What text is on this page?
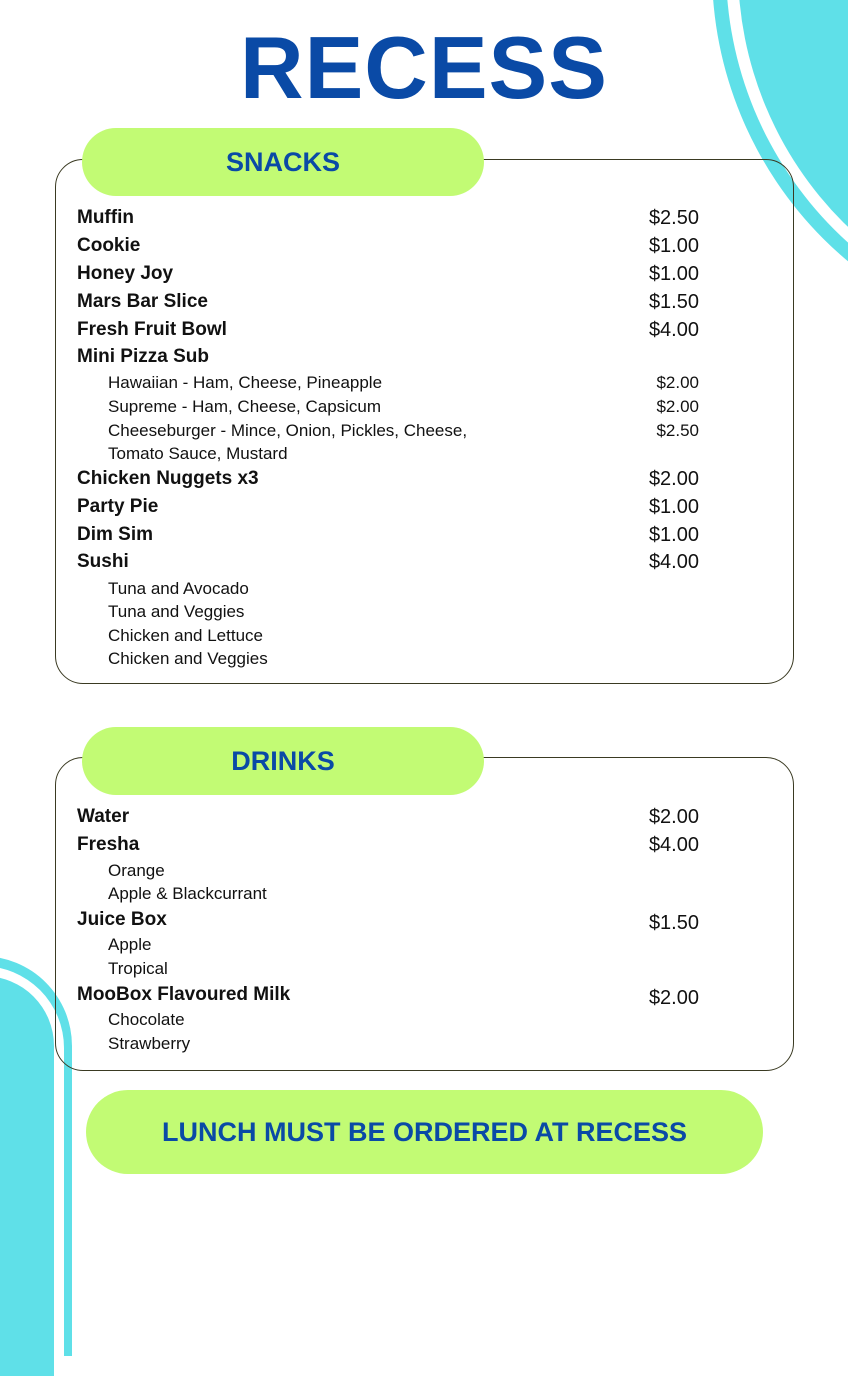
RECESS
SNACKS
Muffin	$2.50
Cookie	$1.00
Honey Joy	$1.00
Mars Bar Slice	$1.50
Fresh Fruit Bowl	$4.00
Mini Pizza Sub
Hawaiian - Ham, Cheese, Pineapple	$2.00
Supreme - Ham, Cheese, Capsicum	$2.00
Cheeseburger - Mince, Onion, Pickles, Cheese,	$2.50
Tomato Sauce, Mustard
Chicken Nuggets x3	$2.00
Party Pie	$1.00
Dim Sim	$1.00
Sushi	$4.00
Tuna and Avocado
Tuna and Veggies
Chicken and Lettuce
Chicken and Veggies
DRINKS
Water	$2.00
Fresha	$4.00
Orange
Apple & Blackcurrant
Juice Box	$1.50
Apple
Tropical
MooBox Flavoured Milk	$2.00
Chocolate
Strawberry
LUNCH MUST BE ORDERED AT RECESS
